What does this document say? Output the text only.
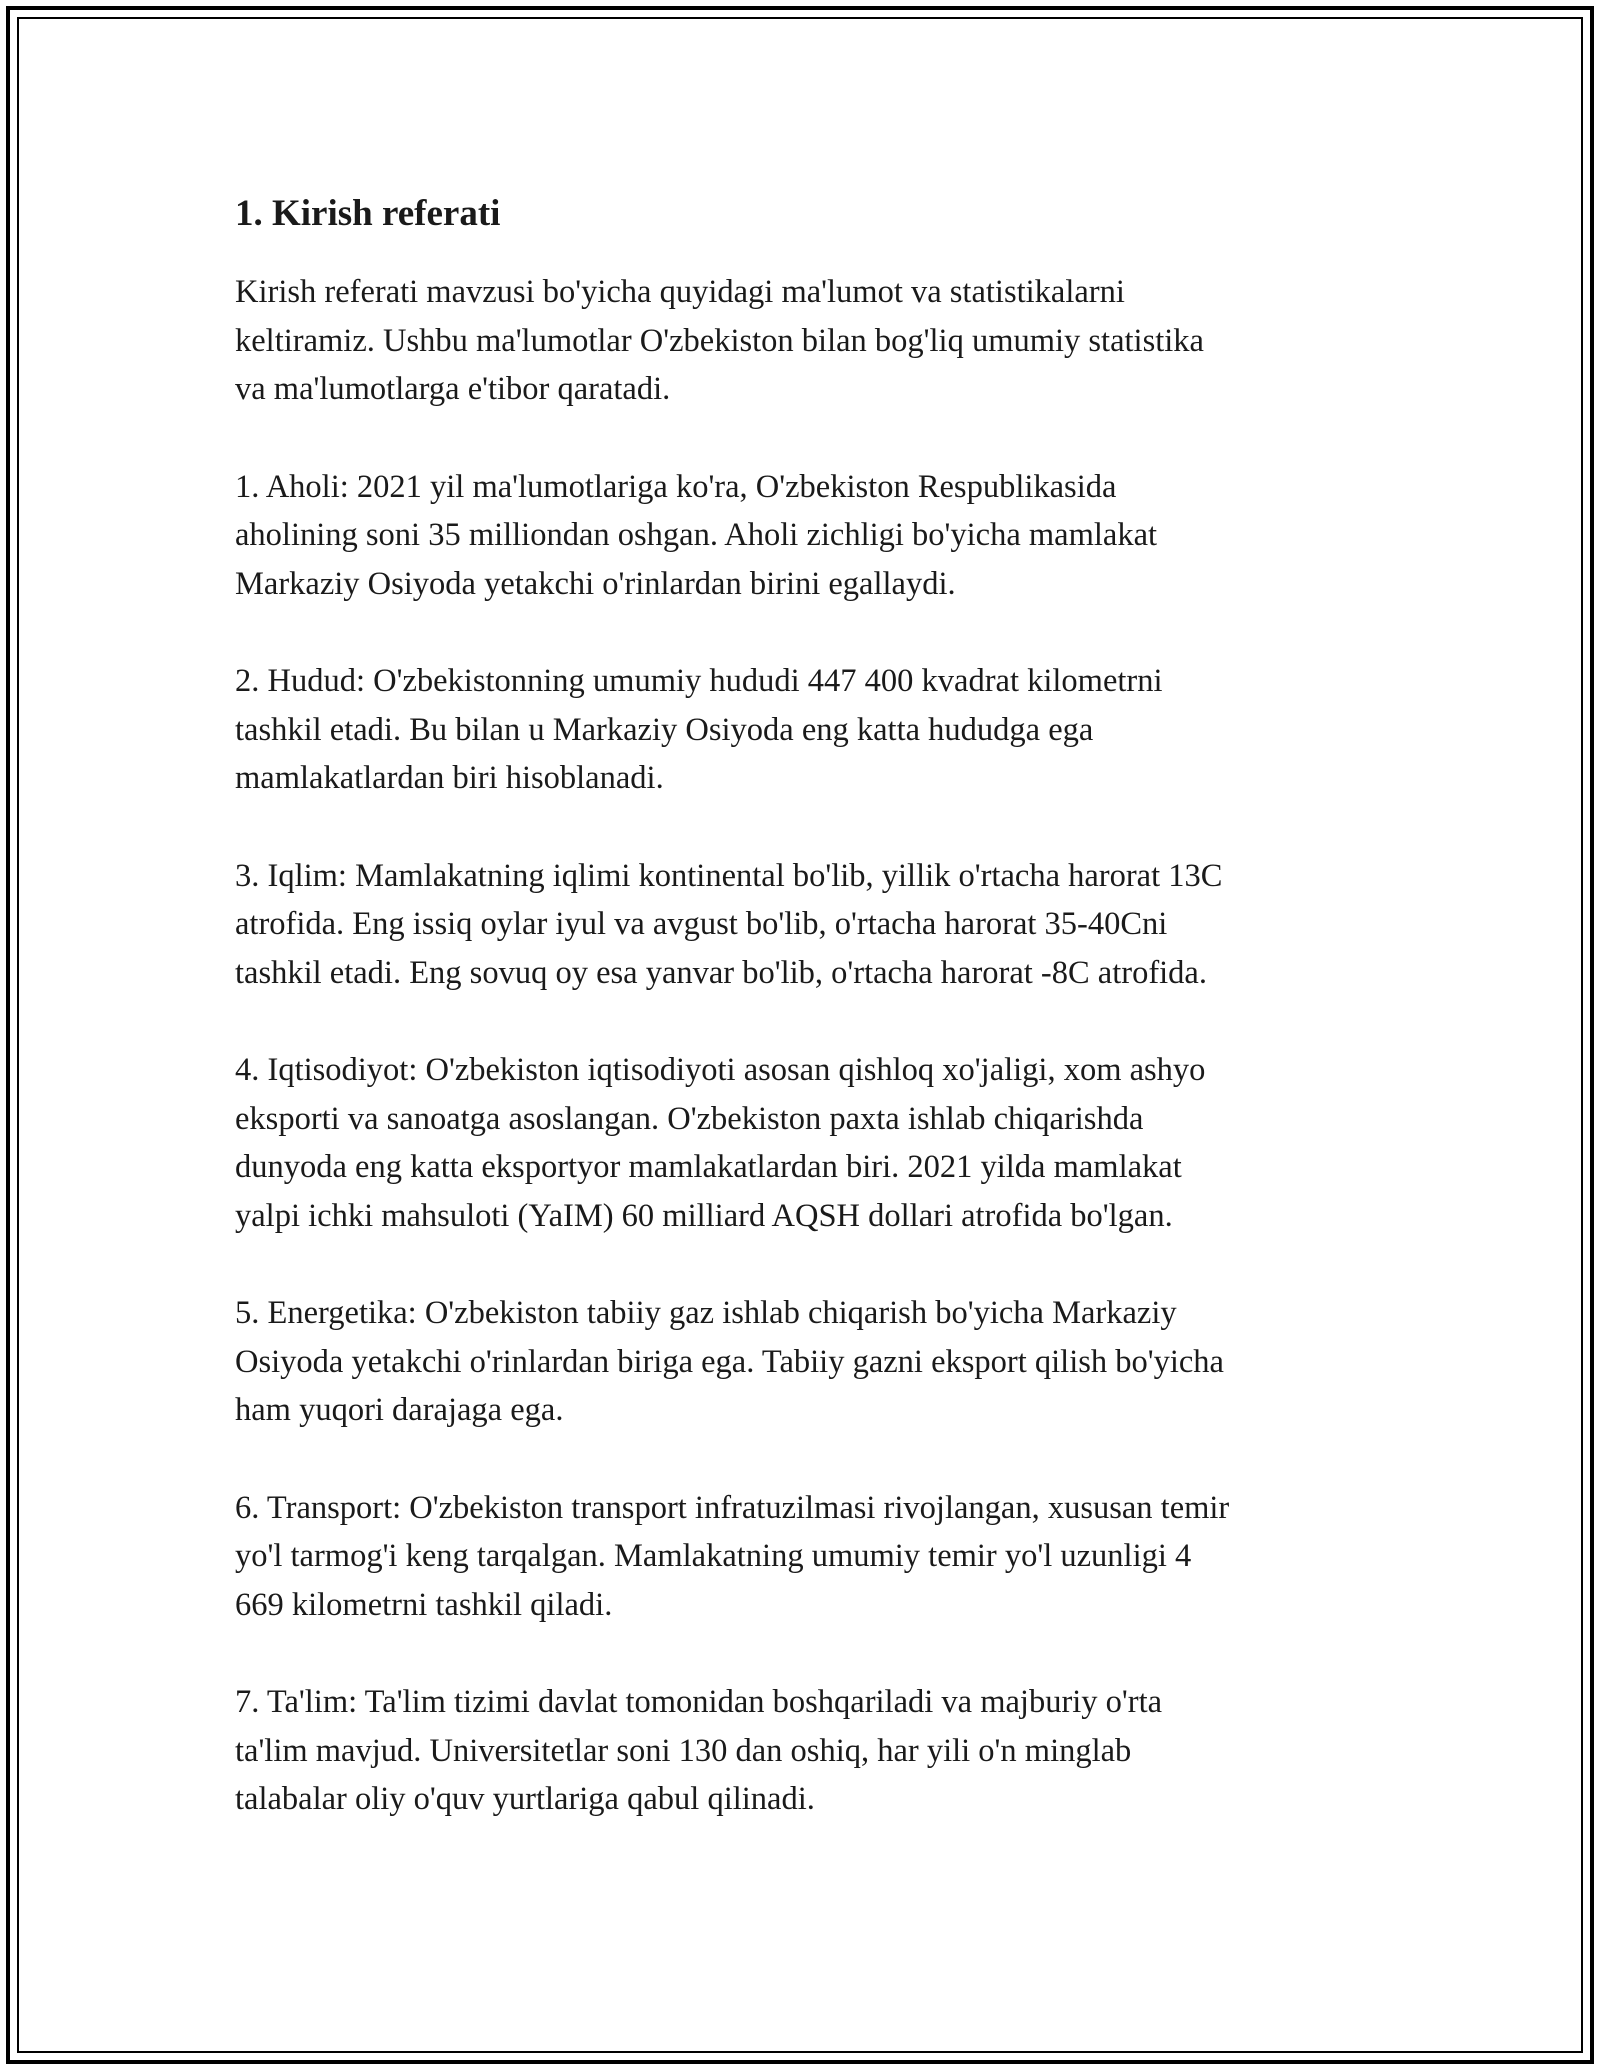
1. Kirish referati

Kirish referati mavzusi bo'yicha quyidagi ma'lumot va statistikalarni
keltiramiz. Ushbu ma'lumotlar O'zbekiston bilan bog'liq umumiy statistika
va ma'lumotlarga e'tibor qaratadi.

1. Aholi: 2021 yil ma'lumotlariga ko'ra, O'zbekiston Respublikasida
aholining soni 35 milliondan oshgan. Aholi zichligi bo'yicha mamlakat
Markaziy Osiyoda yetakchi o'rinlardan birini egallaydi.

2. Hudud: O'zbekistonning umumiy hududi 447 400 kvadrat kilometrni
tashkil etadi. Bu bilan u Markaziy Osiyoda eng katta hududga ega
mamlakatlardan biri hisoblanadi.

3. Iqlim: Mamlakatning iqlimi kontinental bo'lib, yillik o'rtacha harorat 13C
atrofida. Eng issiq oylar iyul va avgust bo'lib, o'rtacha harorat 35-40Cni
tashkil etadi. Eng sovuq oy esa yanvar bo'lib, o'rtacha harorat -8C atrofida.

4. Iqtisodiyot: O'zbekiston iqtisodiyoti asosan qishloq xo'jaligi, xom ashyo
eksporti va sanoatga asoslangan. O'zbekiston paxta ishlab chiqarishda
dunyoda eng katta eksportyor mamlakatlardan biri. 2021 yilda mamlakat
yalpi ichki mahsuloti (YaIM) 60 milliard AQSH dollari atrofida bo'lgan.

5. Energetika: O'zbekiston tabiiy gaz ishlab chiqarish bo'yicha Markaziy
Osiyoda yetakchi o'rinlardan biriga ega. Tabiiy gazni eksport qilish bo'yicha
ham yuqori darajaga ega.

6. Transport: O'zbekiston transport infratuzilmasi rivojlangan, xususan temir
yo'l tarmog'i keng tarqalgan. Mamlakatning umumiy temir yo'l uzunligi 4
669 kilometrni tashkil qiladi.

7. Ta'lim: Ta'lim tizimi davlat tomonidan boshqariladi va majburiy o'rta
ta'lim mavjud. Universitetlar soni 130 dan oshiq, har yili o'n minglab
talabalar oliy o'quv yurtlariga qabul qilinadi.
